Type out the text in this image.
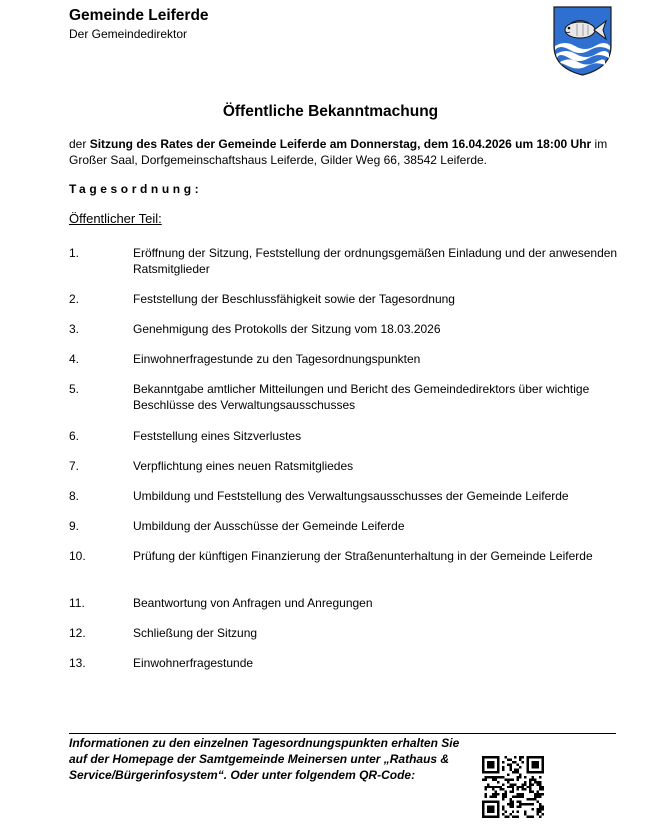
Gemeinde Leiferde
Der Gemeindedirektor
Öffentliche Bekanntmachung
der Sitzung des Rates der Gemeinde Leiferde am Donnerstag, dem 16.04.2026 um 18:00 Uhr im Großer Saal, Dorfgemeinschaftshaus Leiferde, Gilder Weg 66, 38542 Leiferde.
Tagesordnung:
Öffentlicher Teil:
1.	Eröffnung der Sitzung, Feststellung der ordnungsgemäßen Einladung und der anwesenden Ratsmitglieder
2.	Feststellung der Beschlussfähigkeit sowie der Tagesordnung
3.	Genehmigung des Protokolls der Sitzung vom 18.03.2026
4.	Einwohnerfragestunde zu den Tagesordnungspunkten
5.	Bekanntgabe amtlicher Mitteilungen und Bericht des Gemeindedirektors über wichtige Beschlüsse des Verwaltungsausschusses
6.	Feststellung eines Sitzverlustes
7.	Verpflichtung eines neuen Ratsmitgliedes
8.	Umbildung und Feststellung des Verwaltungsausschusses der Gemeinde Leiferde
9.	Umbildung der Ausschüsse der Gemeinde Leiferde
10.	Prüfung der künftigen Finanzierung der Straßenunterhaltung in der Gemeinde Leiferde
11.	Beantwortung von Anfragen und Anregungen
12.	Schließung der Sitzung
13.	Einwohnerfragestunde
Informationen zu den einzelnen Tagesordnungspunkten erhalten Sie auf der Homepage der Samtgemeinde Meinersen unter „Rathaus & Service/Bürgerinfosystem“. Oder unter folgendem QR-Code:
